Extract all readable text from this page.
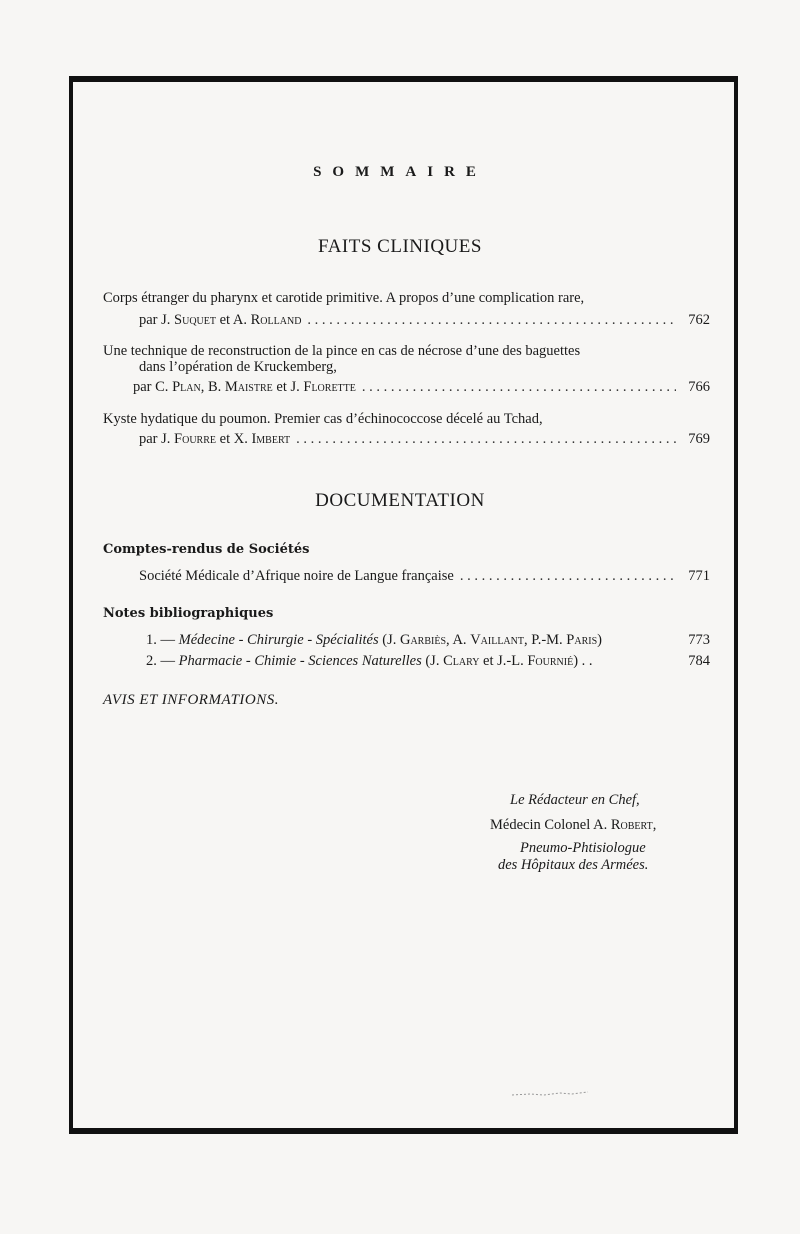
SOMMAIRE
FAITS CLINIQUES
Corps étranger du pharynx et carotide primitive. A propos d’une complication rare,
par J. Suquet et A. Rolland . . .	762
Une technique de reconstruction de la pince en cas de nécrose d’une des baguettes
dans l’opération de Kruckemberg,
par C. Plan, B. Maistre et J. Florette . . .	766
Kyste hydatique du poumon. Premier cas d’échinococcose décelé au Tchad,
par J. Fourre et X. Imbert . . .	769
DOCUMENTATION
Comptes-rendus de Sociétés
Société Médicale d’Afrique noire de Langue française . . .	771
Notes bibliographiques
1. — Médecine - Chirurgie - Spécialités (J. Garbiès, A. Vaillant, P.-M. Paris)	773
2. — Pharmacie - Chimie - Sciences Naturelles (J. Clary et J.-L. Fournié) . .	784
AVIS ET INFORMATIONS.
Le Rédacteur en Chef,
Médecin Colonel A. Robert,
Pneumo-Phtisiologue
des Hôpitaux des Armées.
